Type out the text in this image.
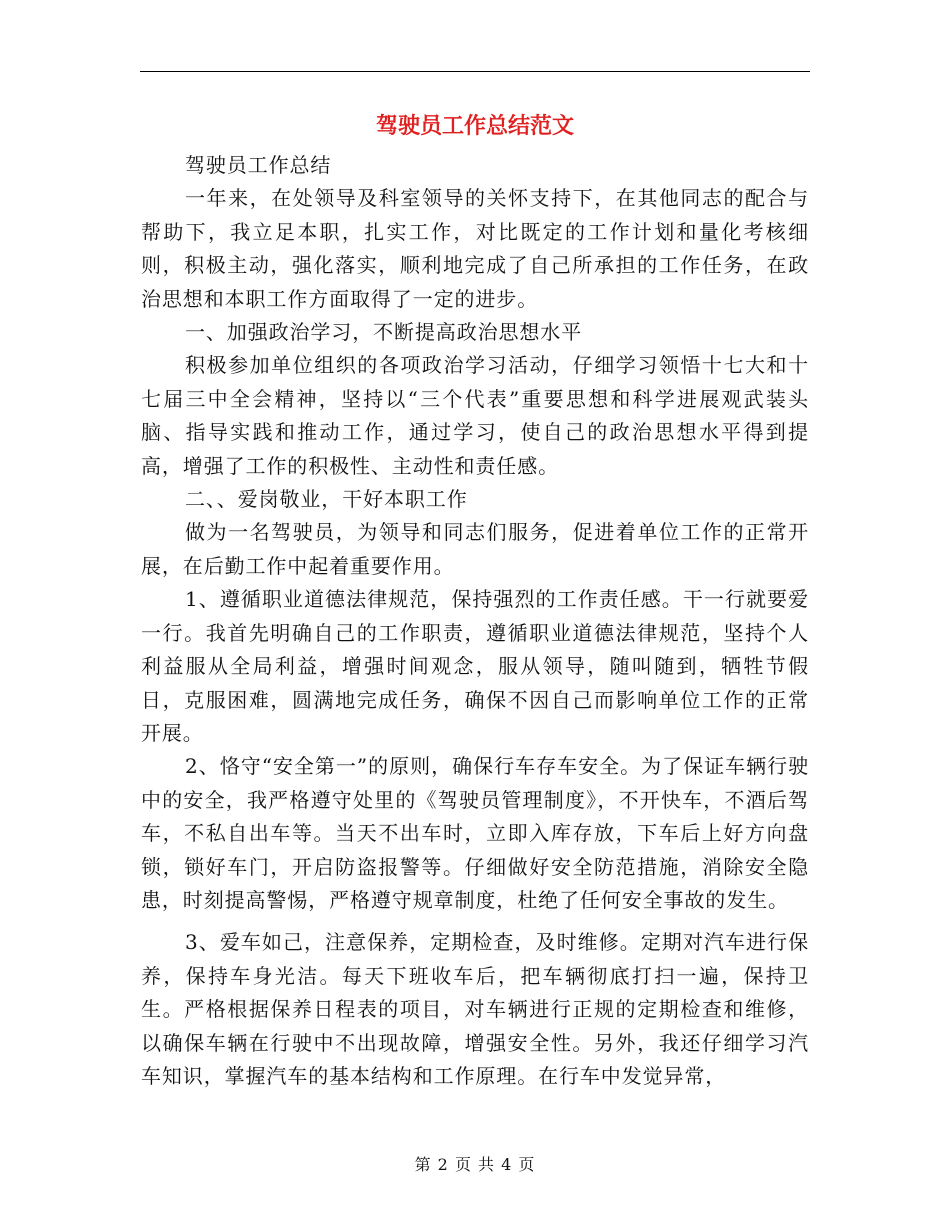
驾驶员工作总结范文

驾驶员工作总结

一年来，在处领导及科室领导的关怀支持下，在其他同志的配合与帮助下，我立足本职，扎实工作，对比既定的工作计划和量化考核细则，积极主动，强化落实，顺利地完成了自己所承担的工作任务，在政治思想和本职工作方面取得了一定的进步。

一、加强政治学习，不断提高政治思想水平

积极参加单位组织的各项政治学习活动，仔细学习领悟十七大和十七届三中全会精神，坚持以“三个代表”重要思想和科学进展观武装头脑、指导实践和推动工作，通过学习，使自己的政治思想水平得到提高，增强了工作的积极性、主动性和责任感。

二、、爱岗敬业，干好本职工作

做为一名驾驶员，为领导和同志们服务，促进着单位工作的正常开展，在后勤工作中起着重要作用。

1、遵循职业道德法律规范，保持强烈的工作责任感。干一行就要爱一行。我首先明确自己的工作职责，遵循职业道德法律规范，坚持个人利益服从全局利益，增强时间观念，服从领导，随叫随到，牺牲节假日，克服困难，圆满地完成任务，确保不因自己而影响单位工作的正常开展。

2、恪守“安全第一”的原则，确保行车存车安全。为了保证车辆行驶中的安全，我严格遵守处里的《驾驶员管理制度》，不开快车，不酒后驾车，不私自出车等。当天不出车时，立即入库存放，下车后上好方向盘锁，锁好车门，开启防盗报警等。仔细做好安全防范措施，消除安全隐患，时刻提高警惕，严格遵守规章制度，杜绝了任何安全事故的发生。

3、爱车如己，注意保养，定期检查，及时维修。定期对汽车进行保养，保持车身光洁。每天下班收车后，把车辆彻底打扫一遍，保持卫生。严格根据保养日程表的项目，对车辆进行正规的定期检查和维修，以确保车辆在行驶中不出现故障，增强安全性。另外，我还仔细学习汽车知识，掌握汽车的基本结构和工作原理。在行车中发觉异常，

第 2 页 共 4 页
